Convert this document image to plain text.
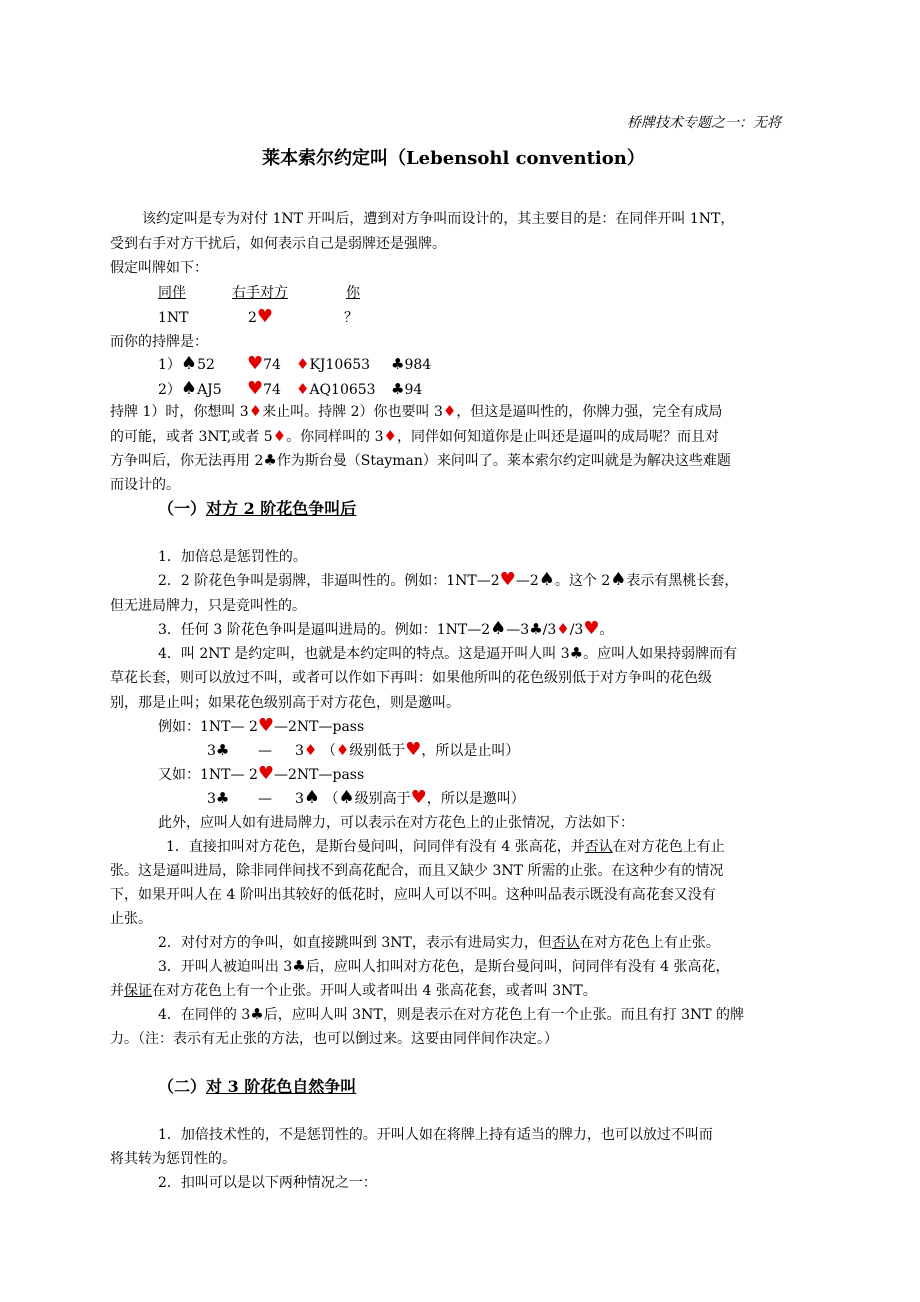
桥牌技术专题之一：无将
莱本索尔约定叫（Lebensohl convention）
该约定叫是专为对付 1NT 开叫后，遭到对方争叫而设计的，其主要目的是：在同伴开叫 1NT，
受到右手对方干扰后，如何表示自己是弱牌还是强牌。
假定叫牌如下：
同伴	右手对方	你
1NT	2♥	？
而你的持牌是：
1）♠52 ♥74 ♦KJ10653 ♣984
2）♠AJ5 ♥74 ♦AQ10653 ♣94
持牌 1）时，你想叫 3♦来止叫。持牌 2）你也要叫 3♦，但这是逼叫性的，你牌力强，完全有成局
的可能，或者 3NT,或者 5♦。你同样叫的 3♦，同伴如何知道你是止叫还是逼叫的成局呢？而且对
方争叫后，你无法再用 2♣作为斯台曼（Stayman）来问叫了。莱本索尔约定叫就是为解决这些难题
而设计的。
（一）对方 2 阶花色争叫后
1．加倍总是惩罚性的。
2．2 阶花色争叫是弱牌，非逼叫性的。例如：1NT—2♥—2♠。这个 2♠表示有黑桃长套，
但无进局牌力，只是竞叫性的。
3．任何 3 阶花色争叫是逼叫进局的。例如：1NT—2♠—3♣/3♦/3♥。
4．叫 2NT 是约定叫，也就是本约定叫的特点。这是逼开叫人叫 3♣。应叫人如果持弱牌而有
草花长套，则可以放过不叫，或者可以作如下再叫：如果他所叫的花色级别低于对方争叫的花色级
别，那是止叫；如果花色级别高于对方花色，则是邀叫。
例如：1NT— 2♥—2NT—pass
3♣ — 3♦ （♦级别低于♥，所以是止叫）
又如：1NT— 2♥—2NT—pass
3♣ — 3♠ （♠级别高于♥，所以是邀叫）
此外，应叫人如有进局牌力，可以表示在对方花色上的止张情况，方法如下：
1．直接扣叫对方花色，是斯台曼问叫，问同伴有没有 4 张高花，并否认在对方花色上有止
张。这是逼叫进局，除非同伴间找不到高花配合，而且又缺少 3NT 所需的止张。在这种少有的情况
下，如果开叫人在 4 阶叫出其较好的低花时，应叫人可以不叫。这种叫品表示既没有高花套又没有
止张。
2．对付对方的争叫，如直接跳叫到 3NT，表示有进局实力，但否认在对方花色上有止张。
3．开叫人被迫叫出 3♣后，应叫人扣叫对方花色，是斯台曼问叫，问同伴有没有 4 张高花，
并保证在对方花色上有一个止张。开叫人或者叫出 4 张高花套，或者叫 3NT。
4．在同伴的 3♣后，应叫人叫 3NT，则是表示在对方花色上有一个止张。而且有打 3NT 的牌
力。（注：表示有无止张的方法，也可以倒过来。这要由同伴间作决定。）
（二）对 3 阶花色自然争叫
1．加倍技术性的，不是惩罚性的。开叫人如在将牌上持有适当的牌力，也可以放过不叫而
将其转为惩罚性的。
2．扣叫可以是以下两种情况之一：
